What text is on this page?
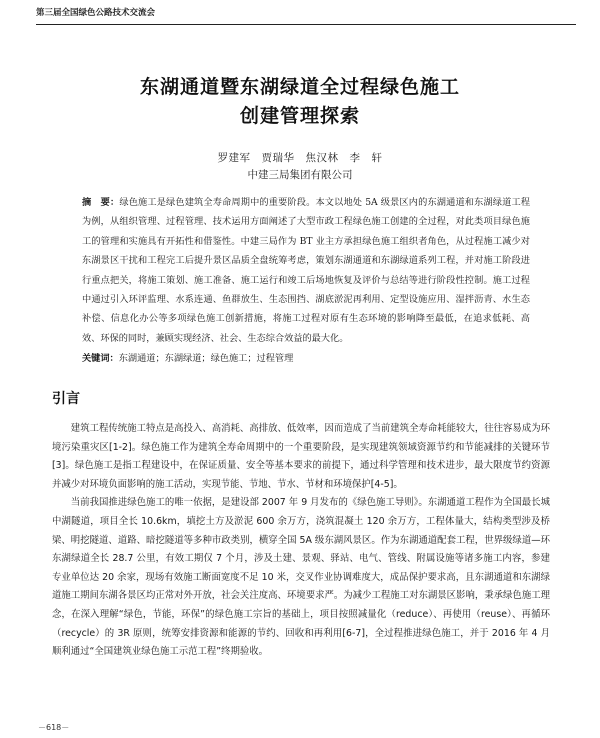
第三届全国绿色公路技术交流会
东湖通道暨东湖绿道全过程绿色施工
创建管理探索
罗建军　贾瑞华　焦汉林　李　轩
中建三局集团有限公司
摘　要：绿色施工是绿色建筑全寿命周期中的重要阶段。本文以地处 5A 级景区内的东湖通道和东湖绿道工程为例，从组织管理、过程管理、技术运用方面阐述了大型市政工程绿色施工创建的全过程，对此类项目绿色施工的管理和实施具有开拓性和借鉴性。中建三局作为 BT 业主方承担绿色施工组织者角色，从过程施工减少对东湖景区干扰和工程完工后提升景区品质全盘统筹考虑，策划东湖通道和东湖绿道系列工程，并对施工阶段进行重点把关，将施工策划、施工准备、施工运行和竣工后场地恢复及评价与总结等进行阶段性控制。施工过程中通过引入环评监理、水系连通、鱼群放生、生态围挡、湖底淤泥再利用、定型设施应用、湿拌沥青、水生态补偿、信息化办公等多项绿色施工创新措施，将施工过程对原有生态环境的影响降至最低，在追求低耗、高效、环保的同时，兼顾实现经济、社会、生态综合效益的最大化。
关键词：东湖通道；东湖绿道；绿色施工；过程管理
引言

建筑工程传统施工特点是高投入、高消耗、高排放、低效率，因而造成了当前建筑全寿命耗能较大，往往容易成为环境污染重灾区[1-2]。绿色施工作为建筑全寿命周期中的一个重要阶段，是实现建筑领域资源节约和节能减排的关键环节[3]。绿色施工是指工程建设中，在保证质量、安全等基本要求的前提下，通过科学管理和技术进步，最大限度节约资源并减少对环境负面影响的施工活动，实现节能、节地、节水、节材和环境保护[4-5]。

当前我国推进绿色施工的唯一依据，是建设部 2007 年 9 月发布的《绿色施工导则》。东湖通道工程作为全国最长城中湖隧道，项目全长 10.6km，填挖土方及淤泥 600 余万方，浇筑混凝土 120 余万方，工程体量大，结构类型涉及桥梁、明挖隧道、道路、暗挖隧道等多种市政类别，横穿全国 5A 级东湖风景区。作为东湖通道配套工程，世界级绿道—环东湖绿道全长 28.7 公里，有效工期仅 7 个月，涉及土建、景观、驿站、电气、管线、附属设施等诸多施工内容，参建专业单位达 20 余家，现场有效施工断面宽度不足 10 米，交叉作业协调难度大，成品保护要求高，且东湖通道和东湖绿道施工期间东湖各景区均正常对外开放，社会关注度高、环境要求严。为减少工程施工对东湖景区影响，秉承绿色施工理念，在深入理解“绿色，节能，环保”的绿色施工宗旨的基础上，项目按照减量化（reduce）、再使用（reuse）、再循环（recycle）的 3R 原则，统筹安排资源和能源的节约、回收和再利用[6-7]，全过程推进绿色施工，并于 2016 年 4 月顺利通过“全国建筑业绿色施工示范工程”终期验收。

－618－
